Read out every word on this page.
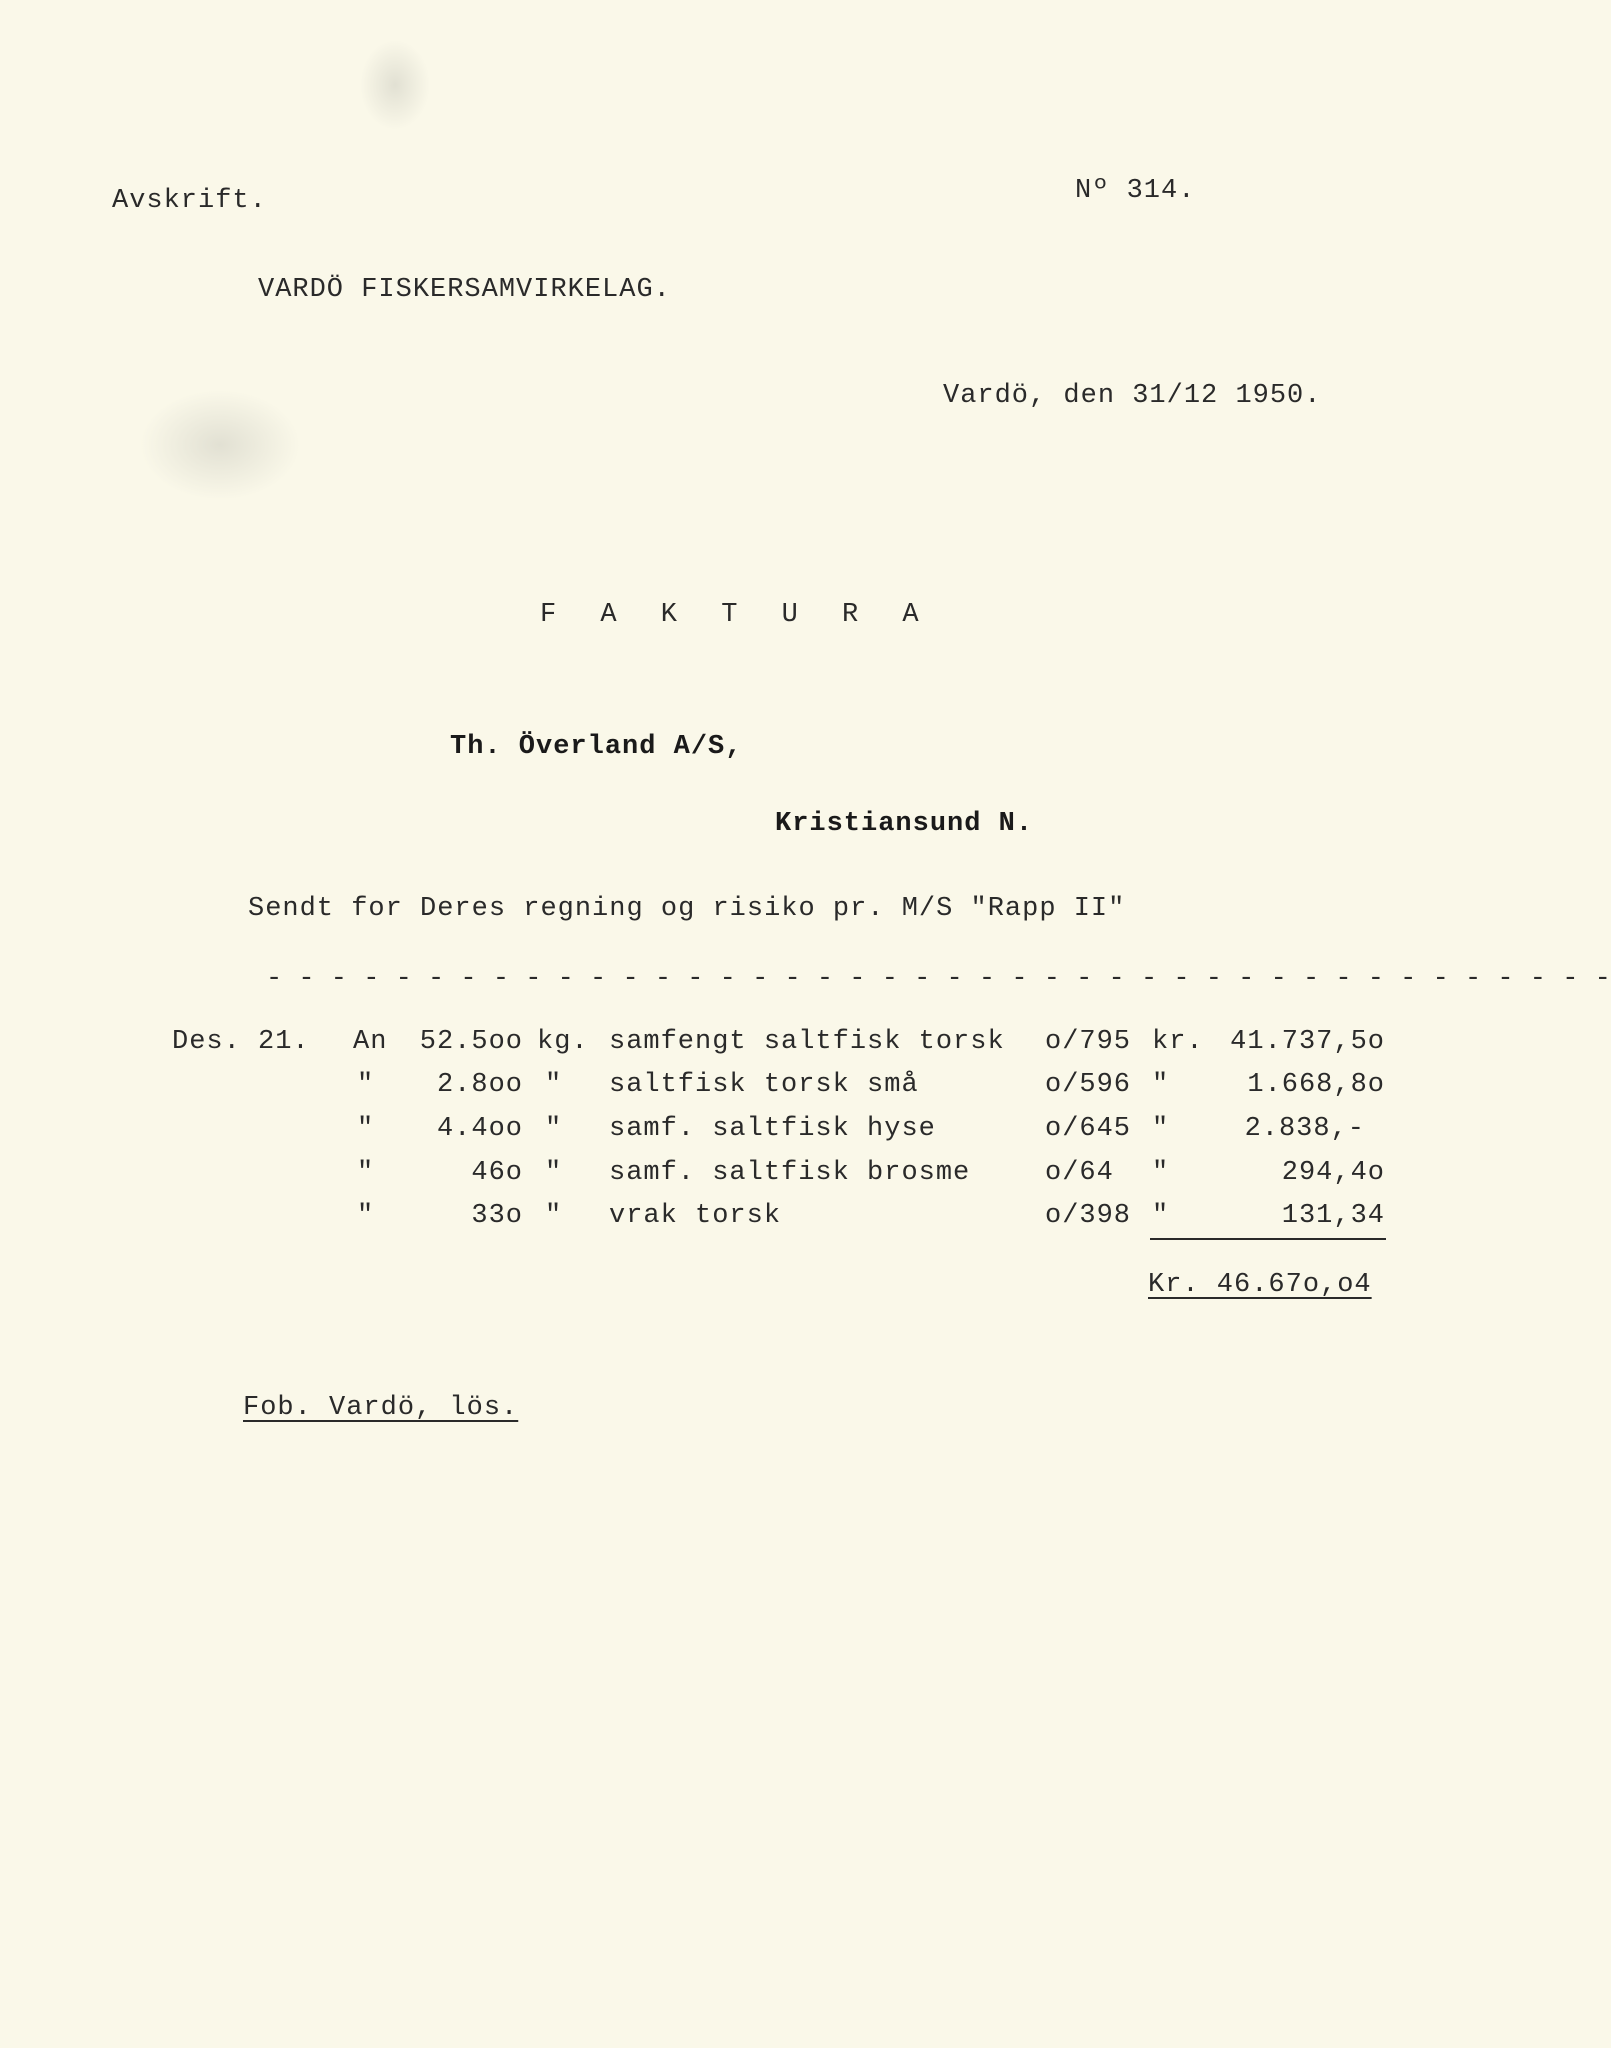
Avskrift.	Nº 314.
VARDÖ FISKERSAMVIRKELAG.
Vardö, den 31/12 1950.
F A K T U R A
Th. Överland A/S,
Kristiansund N.
Sendt for Deres regning og risiko pr. M/S "Rapp II"
- - - - - - - - - - - - - - - - - - - - - - - - - - - - - - - - - - - - - - - - - -
Des. 21. An	52.5oo kg. samfengt saltfisk torsk o/795 kr. 41.737,5o
"	2.8oo " saltfisk torsk små	o/596 "	1.668,8o
"	4.4oo " samf. saltfisk hyse	o/645 "	2.838,-
"	46o " samf. saltfisk brosme	o/64 "	294,4o
"	33o " vrak torsk	o/398 "	131,34
Kr. 46.67o,o4
Fob. Vardö, lös.
